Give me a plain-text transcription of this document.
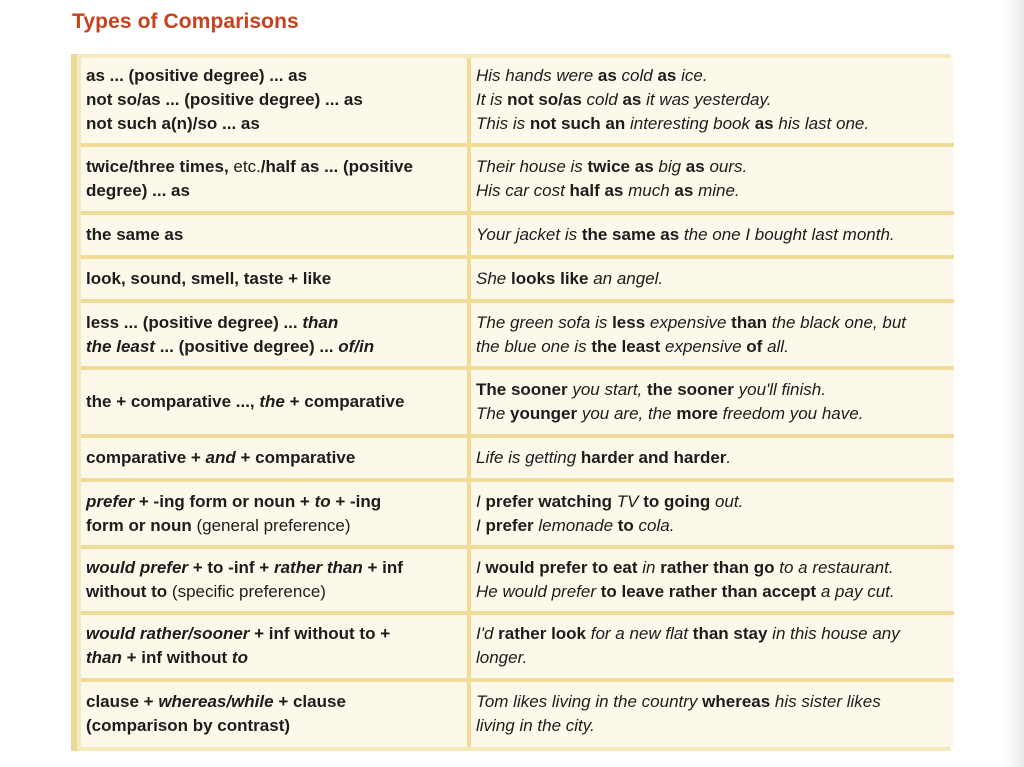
Types of Comparisons
as ... (positive degree) ... as
not so/as ... (positive degree) ... as
not such a(n)/so ... as	His hands were as cold as ice.
It is not so/as cold as it was yesterday.
This is not such an interesting book as his last one.

twice/three times, etc./half as ... (positive
degree) ... as	Their house is twice as big as ours.
His car cost half as much as mine.

the same as	Your jacket is the same as the one I bought last month.

look, sound, smell, taste + like	She looks like an angel.

less ... (positive degree) ... than
the least ... (positive degree) ... of/in	The green sofa is less expensive than the black one, but
the blue one is the least expensive of all.

the + comparative ..., the + comparative	The sooner you start, the sooner you'll finish.
The younger you are, the more freedom you have.

comparative + and + comparative	Life is getting harder and harder.

prefer + -ing form or noun + to + -ing
form or noun (general preference)	I prefer watching TV to going out.
I prefer lemonade to cola.

would prefer + to -inf + rather than + inf
without to (specific preference)	I would prefer to eat in rather than go to a restaurant.
He would prefer to leave rather than accept a pay cut.

would rather/sooner + inf without to +
than + inf without to	I'd rather look for a new flat than stay in this house any
longer.

clause + whereas/while + clause
(comparison by contrast)	Tom likes living in the country whereas his sister likes
living in the city.
